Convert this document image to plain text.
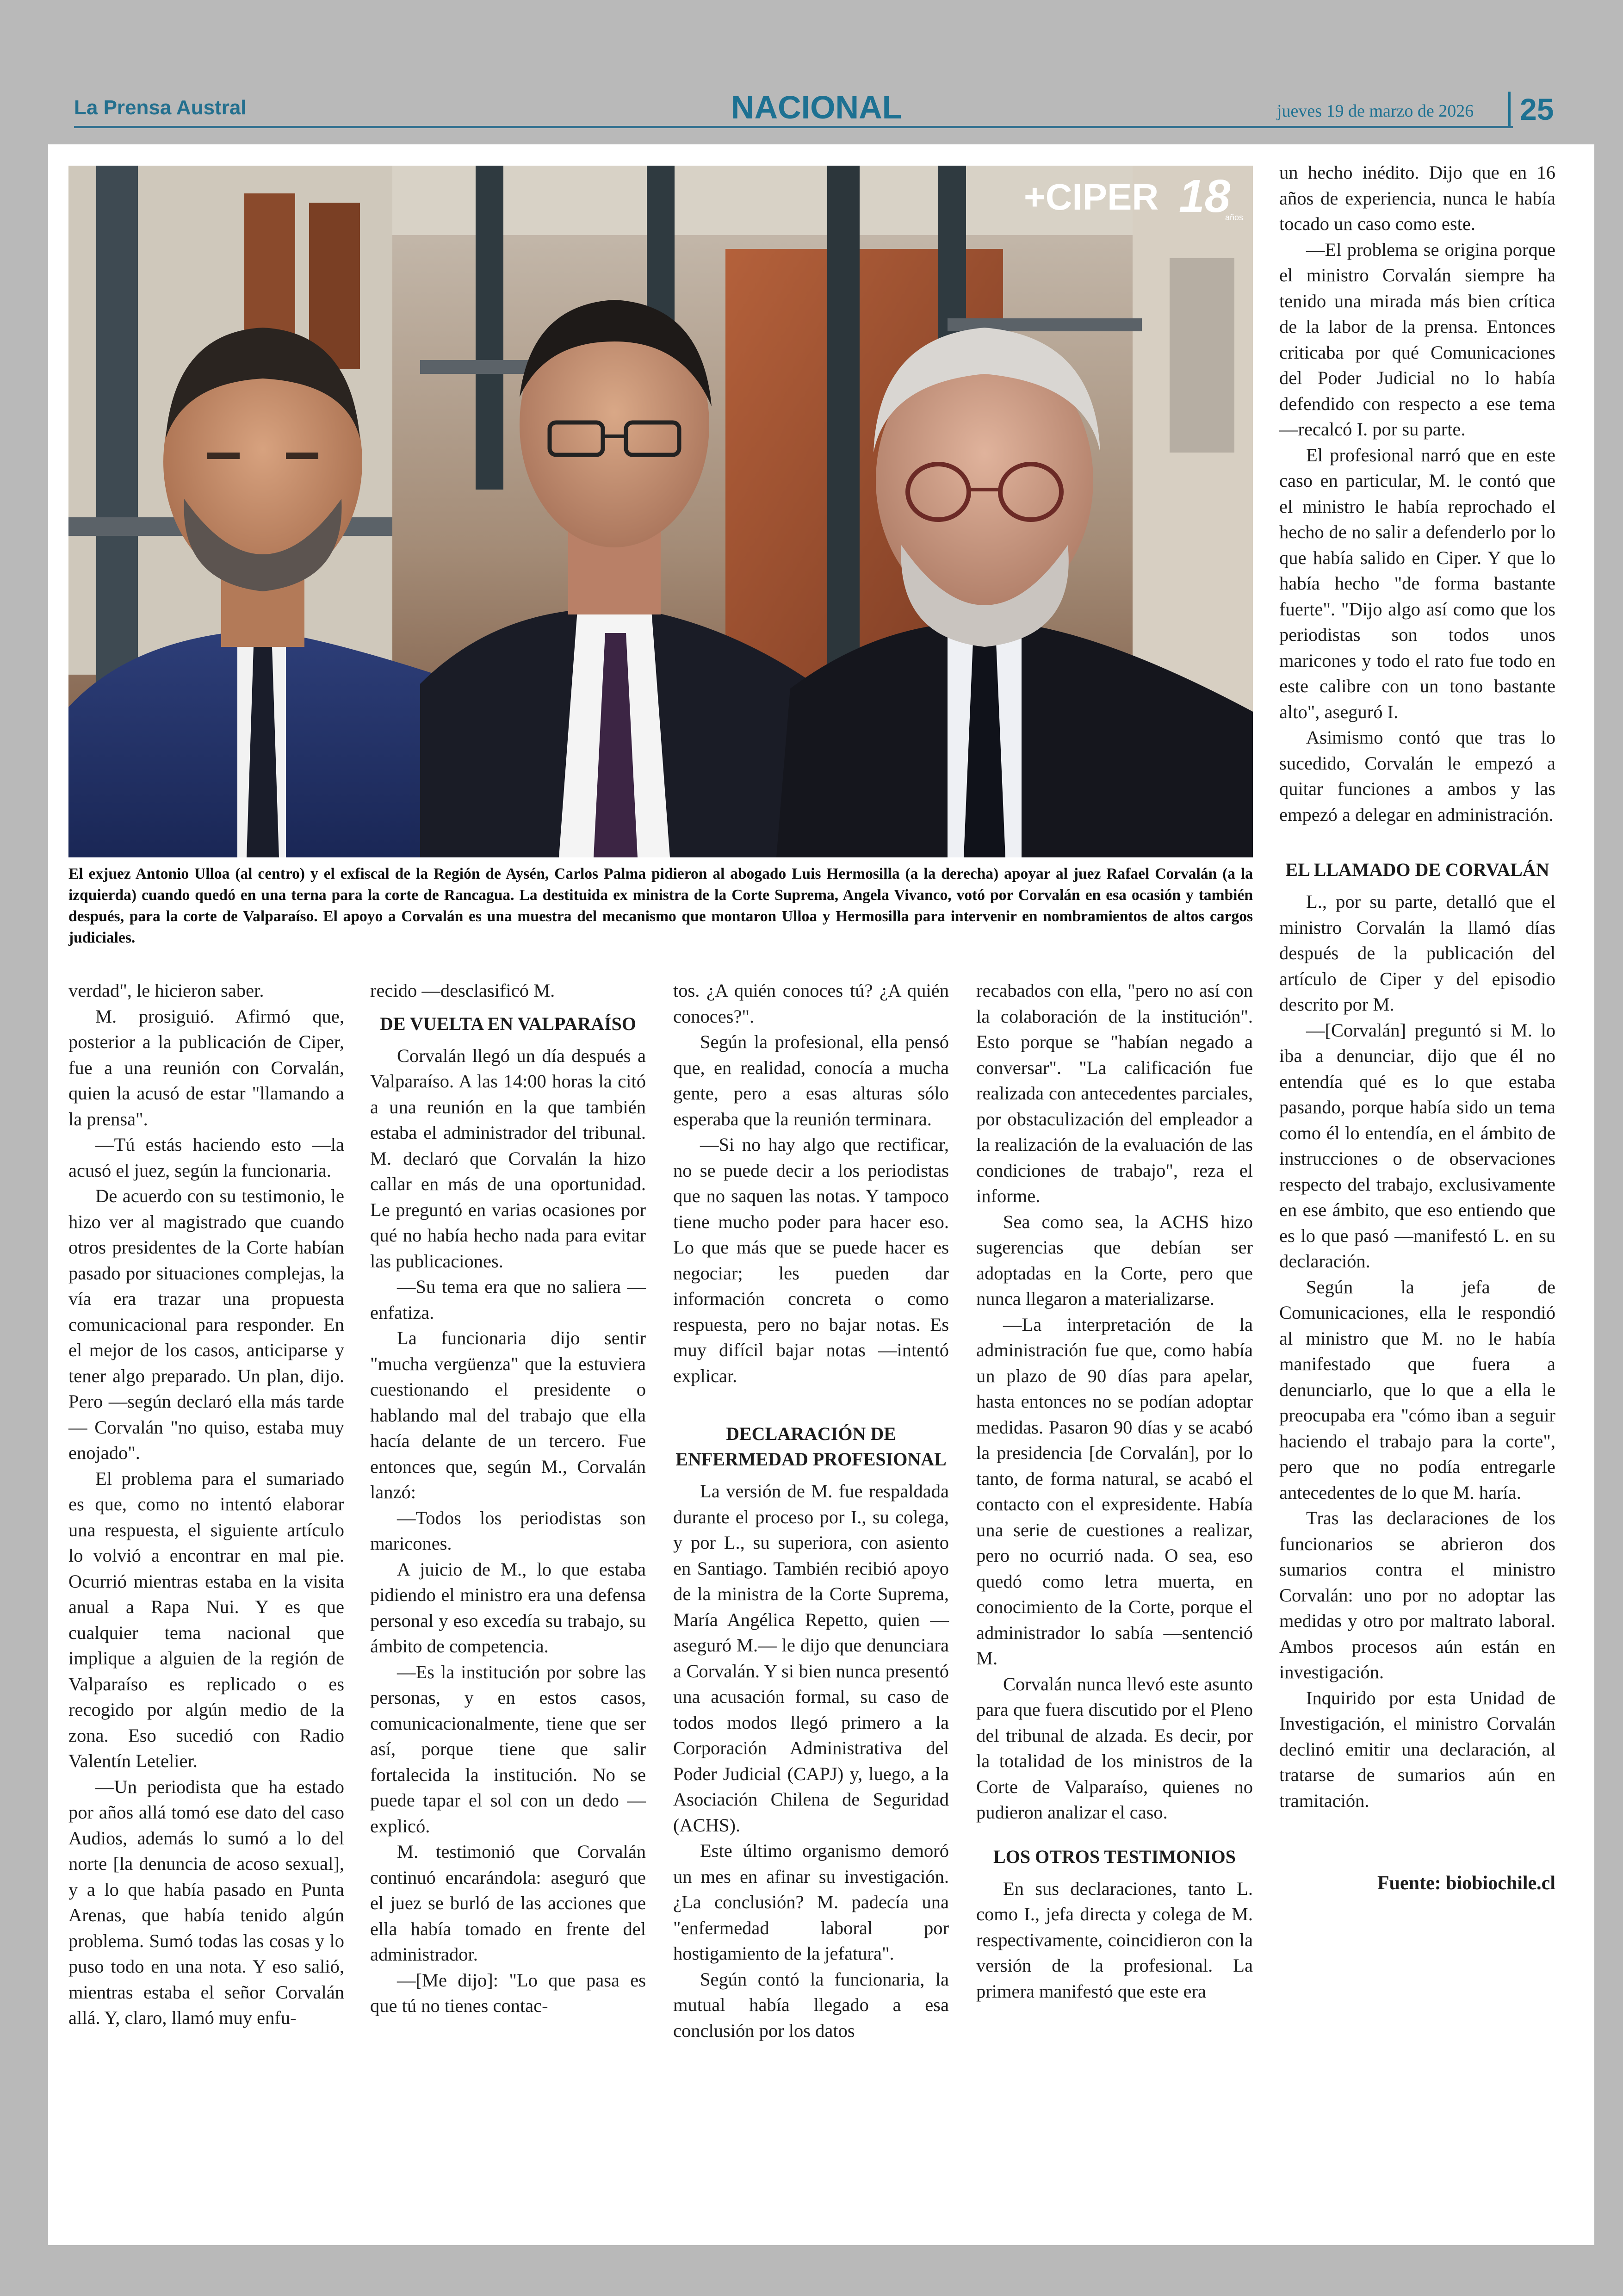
La Prensa Austral	NACIONAL	jueves 19 de marzo de 2026	25
+CIPER 18
años
El exjuez Antonio Ulloa (al centro) y el exfiscal de la Región de Aysén, Carlos Palma pidieron al abogado Luis Hermosilla (a la derecha) apoyar al juez Rafael Corvalán (a la izquierda) cuando quedó en una terna para la corte de Rancagua. La destituida ex ministra de la Corte Suprema, Angela Vivanco, votó por Corvalán en esa ocasión y también después, para la corte de Valparaíso. El apoyo a Corvalán es una muestra del mecanismo que montaron Ulloa y Hermosilla para intervenir en nombramientos de altos cargos judiciales.

verdad", le hicieron saber.

M. prosiguió. Afirmó que, posterior a la publicación de Ciper, fue a una reunión con Corvalán, quien la acusó de estar "llamando a la prensa".

—Tú estás haciendo esto —la acusó el juez, según la funcionaria.

De acuerdo con su testimonio, le hizo ver al magistrado que cuando otros presidentes de la Corte habían pasado por situaciones complejas, la vía era trazar una propuesta comunicacional para responder. En el mejor de los casos, anticiparse y tener algo preparado. Un plan, dijo. Pero —según declaró ella más tarde— Corvalán "no quiso, estaba muy enojado".

El problema para el sumariado es que, como no intentó elaborar una respuesta, el siguiente artículo lo volvió a encontrar en mal pie. Ocurrió mientras estaba en la visita anual a Rapa Nui. Y es que cualquier tema nacional que implique a alguien de la región de Valparaíso es replicado o es recogido por algún medio de la zona. Eso sucedió con Radio Valentín Letelier.

—Un periodista que ha estado por años allá tomó ese dato del caso Audios, además lo sumó a lo del norte [la denuncia de acoso sexual], y a lo que había pasado en Punta Arenas, que había tenido algún problema. Sumó todas las cosas y lo puso todo en una nota. Y eso salió, mientras estaba el señor Corvalán allá. Y, claro, llamó muy enfu-

recido —desclasificó M.

DE VUELTA EN VALPARAÍSO

Corvalán llegó un día después a Valparaíso. A las 14:00 horas la citó a una reunión en la que también estaba el administrador del tribunal. M. declaró que Corvalán la hizo callar en más de una oportunidad. Le preguntó en varias ocasiones por qué no había hecho nada para evitar las publicaciones.

—Su tema era que no saliera —enfatiza.

La funcionaria dijo sentir "mucha vergüenza" que la estuviera cuestionando el presidente o hablando mal del trabajo que ella hacía delante de un tercero. Fue entonces que, según M., Corvalán lanzó:

—Todos los periodistas son maricones.

A juicio de M., lo que estaba pidiendo el ministro era una defensa personal y eso excedía su trabajo, su ámbito de competencia.

—Es la institución por sobre las personas, y en estos casos, comunicacionalmente, tiene que ser así, porque tiene que salir fortalecida la institución. No se puede tapar el sol con un dedo —explicó.

M. testimonió que Corvalán continuó encarándola: aseguró que el juez se burló de las acciones que ella había tomado en frente del administrador.

—[Me dijo]: "Lo que pasa es que tú no tienes contac-

tos. ¿A quién conoces tú? ¿A quién conoces?".

Según la profesional, ella pensó que, en realidad, conocía a mucha gente, pero a esas alturas sólo esperaba que la reunión terminara.

—Si no hay algo que rectificar, no se puede decir a los periodistas que no saquen las notas. Y tampoco tiene mucho poder para hacer eso. Lo que más que se puede hacer es negociar; les pueden dar información concreta o como respuesta, pero no bajar notas. Es muy difícil bajar notas —intentó explicar.

DECLARACIÓN DE ENFERMEDAD PROFESIONAL

La versión de M. fue respaldada durante el proceso por I., su colega, y por L., su superiora, con asiento en Santiago. También recibió apoyo de la ministra de la Corte Suprema, María Angélica Repetto, quien —aseguró M.— le dijo que denunciara a Corvalán. Y si bien nunca presentó una acusación formal, su caso de todos modos llegó primero a la Corporación Administrativa del Poder Judicial (CAPJ) y, luego, a la Asociación Chilena de Seguridad (ACHS).

Este último organismo demoró un mes en afinar su investigación. ¿La conclusión? M. padecía una "enfermedad laboral por hostigamiento de la jefatura".

Según contó la funcionaria, la mutual había llegado a esa conclusión por los datos

recabados con ella, "pero no así con la colaboración de la institución". Esto porque se "habían negado a conversar". "La calificación fue realizada con antecedentes parciales, por obstaculización del empleador a la realización de la evaluación de las condiciones de trabajo", reza el informe.

Sea como sea, la ACHS hizo sugerencias que debían ser adoptadas en la Corte, pero que nunca llegaron a materializarse.

—La interpretación de la administración fue que, como había un plazo de 90 días para apelar, hasta entonces no se podían adoptar medidas. Pasaron 90 días y se acabó la presidencia [de Corvalán], por lo tanto, de forma natural, se acabó el contacto con el expresidente. Había una serie de cuestiones a realizar, pero no ocurrió nada. O sea, eso quedó como letra muerta, en conocimiento de la Corte, porque el administrador lo sabía —sentenció M.

Corvalán nunca llevó este asunto para que fuera discutido por el Pleno del tribunal de alzada. Es decir, por la totalidad de los ministros de la Corte de Valparaíso, quienes no pudieron analizar el caso.

LOS OTROS TESTIMONIOS

En sus declaraciones, tanto L. como I., jefa directa y colega de M. respectivamente, coincidieron con la versión de la profesional. La primera manifestó que este era

un hecho inédito. Dijo que en 16 años de experiencia, nunca le había tocado un caso como este.

—El problema se origina porque el ministro Corvalán siempre ha tenido una mirada más bien crítica de la labor de la prensa. Entonces criticaba por qué Comunicaciones del Poder Judicial no lo había defendido con respecto a ese tema —recalcó I. por su parte.

El profesional narró que en este caso en particular, M. le contó que el ministro le había reprochado el hecho de no salir a defenderlo por lo que había salido en Ciper. Y que lo había hecho "de forma bastante fuerte". "Dijo algo así como que los periodistas son todos unos maricones y todo el rato fue todo en este calibre con un tono bastante alto", aseguró I.

Asimismo contó que tras lo sucedido, Corvalán le empezó a quitar funciones a ambos y las empezó a delegar en administración.

EL LLAMADO DE CORVALÁN

L., por su parte, detalló que el ministro Corvalán la llamó días después de la publicación del artículo de Ciper y del episodio descrito por M.

—[Corvalán] preguntó si M. lo iba a denunciar, dijo que él no entendía qué es lo que estaba pasando, porque había sido un tema como él lo entendía, en el ámbito de instrucciones o de observaciones respecto del trabajo, exclusivamente en ese ámbito, que eso entiendo que es lo que pasó —manifestó L. en su declaración.

Según la jefa de Comunicaciones, ella le respondió al ministro que M. no le había manifestado que fuera a denunciarlo, que lo que a ella le preocupaba era "cómo iban a seguir haciendo el trabajo para la corte", pero que no podía entregarle antecedentes de lo que M. haría.

Tras las declaraciones de los funcionarios se abrieron dos sumarios contra el ministro Corvalán: uno por no adoptar las medidas y otro por maltrato laboral. Ambos procesos aún están en investigación.

Inquirido por esta Unidad de Investigación, el ministro Corvalán declinó emitir una declaración, al tratarse de sumarios aún en tramitación.

Fuente: biobiochile.cl
